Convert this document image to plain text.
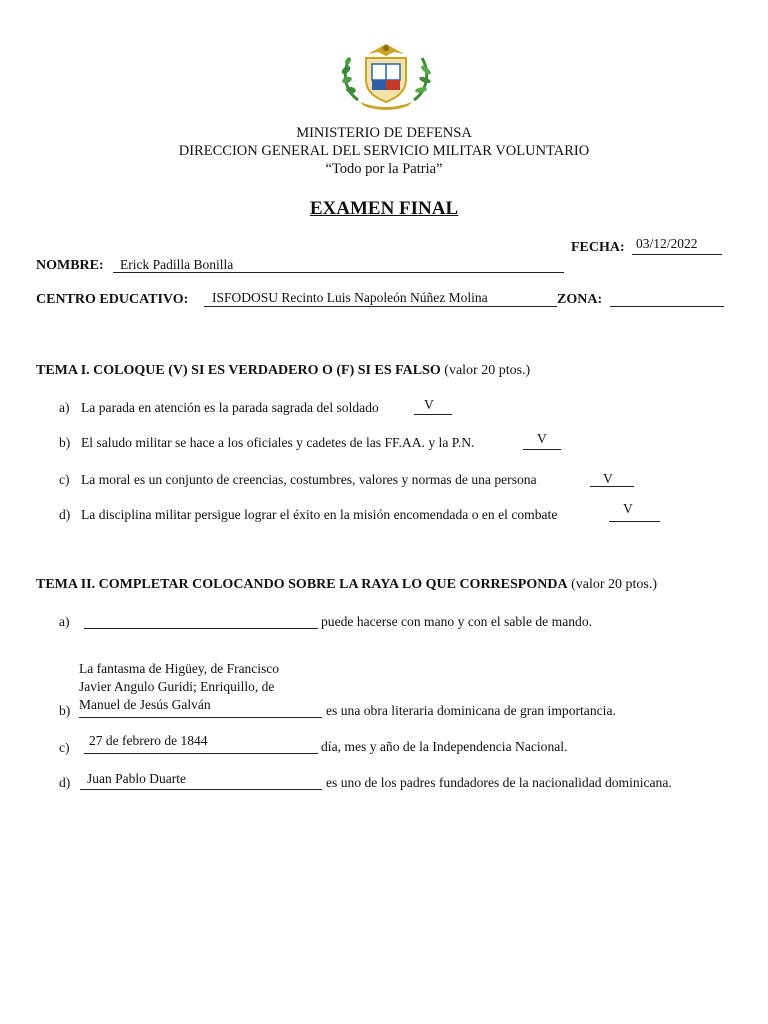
MINISTERIO DE DEFENSA
DIRECCION GENERAL DEL SERVICIO MILITAR VOLUNTARIO
“Todo por la Patria”
EXAMEN FINAL
FECHA: 03/12/2022
NOMBRE: Erick Padilla Bonilla
CENTRO EDUCATIVO: ISFODOSU Recinto Luis Napoleón Núñez Molina	ZONA:
TEMA I. COLOQUE (V) SI ES VERDADERO O (F) SI ES FALSO (valor 20 ptos.)
a) La parada en atención es la parada sagrada del soldado	V
b) El saludo militar se hace a los oficiales y cadetes de las FF.AA. y la P.N.	V
c) La moral es un conjunto de creencias, costumbres, valores y normas de una persona	V
d) La disciplina militar persigue lograr el éxito en la misión encomendada o en el combate	V
TEMA II. COMPLETAR COLOCANDO SOBRE LA RAYA LO QUE CORRESPONDA (valor 20 ptos.)
a)	puede hacerse con mano y con el sable de mando.
La fantasma de Higüey, de Francisco
Javier Angulo Guridi; Enriquillo, de
Manuel de Jesús Galván
b)	es una obra literaria dominicana de gran importancia.
c) 27 de febrero de 1844	día, mes y año de la Independencia Nacional.
d) Juan Pablo Duarte	es uno de los padres fundadores de la nacionalidad dominicana.
